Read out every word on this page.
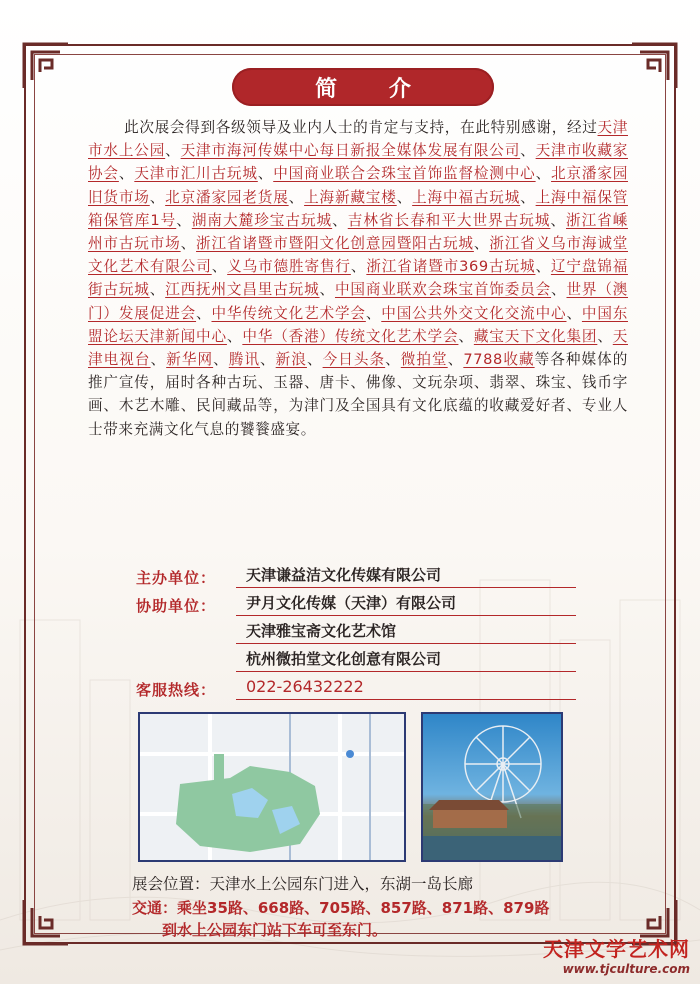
简 介
此次展会得到各级领导及业内人士的肯定与支持，在此特别感谢，经过天津市水上公园、天津市海河传媒中心每日新报全媒体发展有限公司、天津市收藏家协会、天津市汇川古玩城、中国商业联合会珠宝首饰监督检测中心、北京潘家园旧货市场、北京潘家园老货展、上海新藏宝楼、上海中福古玩城、上海中福保管箱保管库1号、湖南大麓珍宝古玩城、吉林省长春和平大世界古玩城、浙江省嵊州市古玩市场、浙江省诸暨市暨阳文化创意园暨阳古玩城、浙江省义乌市海诚堂文化艺术有限公司、义乌市德胜寄售行、浙江省诸暨市369古玩城、辽宁盘锦福街古玩城、江西抚州文昌里古玩城、中国商业联欢会珠宝首饰委员会、世界（澳门）发展促进会、中华传统文化艺术学会、中国公共外交文化交流中心、中国东盟论坛天津新闻中心、中华（香港）传统文化艺术学会、藏宝天下文化集团、天津电视台、新华网、腾讯、新浪、今日头条、微拍堂、7788收藏等各种媒体的推广宣传，届时各种古玩、玉器、唐卡、佛像、文玩杂项、翡翠、珠宝、钱币字画、木艺木雕、民间藏品等，为津门及全国具有文化底蕴的收藏爱好者、专业人士带来充满文化气息的饕餮盛宴。
主办单位：	天津谦益洁文化传媒有限公司
协助单位：	尹月文化传媒（天津）有限公司
天津雅宝斋文化艺术馆
杭州微拍堂文化创意有限公司
客服热线：	022-26432222
展会位置：天津水上公园东门进入，东湖一岛长廊
交通：乘坐35路、668路、705路、857路、871路、879路
到水上公园东门站下车可至东门。
天津文学艺术网
www.tjculture.com
